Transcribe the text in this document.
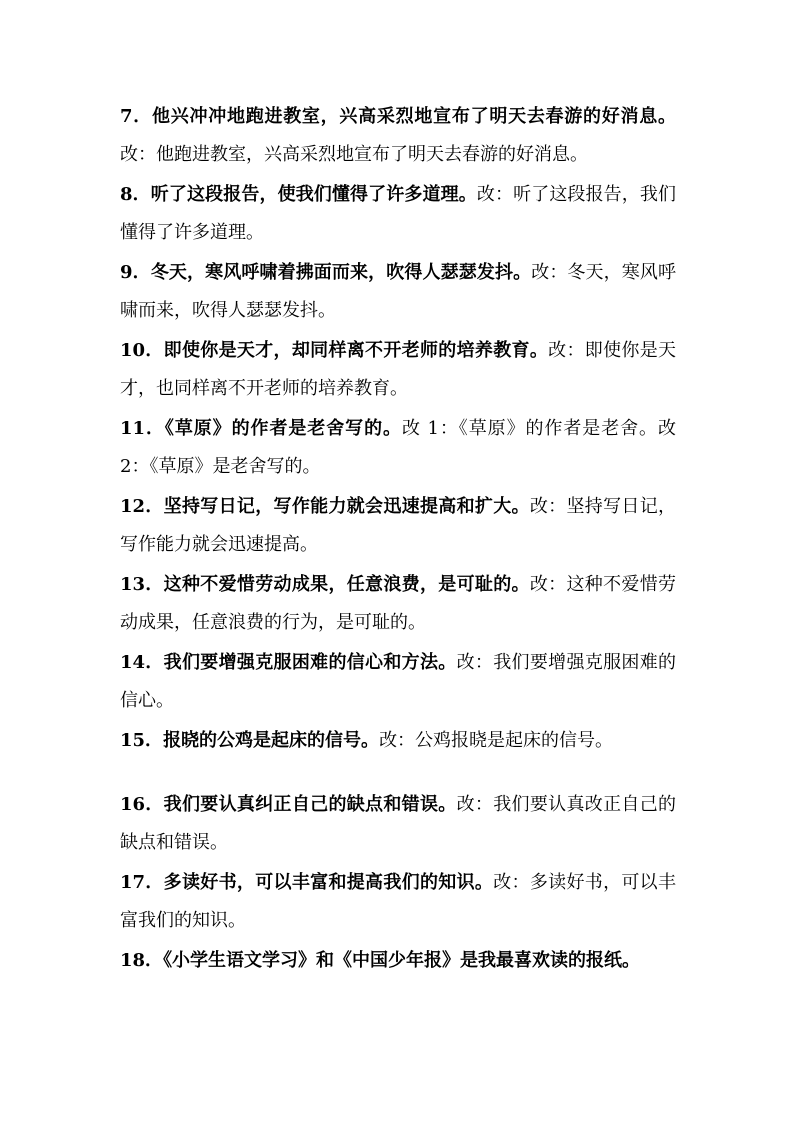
7．他兴冲冲地跑进教室，兴高采烈地宣布了明天去春游的好消息。改：他跑进教室，兴高采烈地宣布了明天去春游的好消息。

8．听了这段报告，使我们懂得了许多道理。改：听了这段报告，我们懂得了许多道理。

9．冬天，寒风呼啸着拂面而来，吹得人瑟瑟发抖。改：冬天，寒风呼啸而来，吹得人瑟瑟发抖。

10．即使你是天才，却同样离不开老师的培养教育。改：即使你是天才，也同样离不开老师的培养教育。

11．《草原》的作者是老舍写的。改 1：《草原》的作者是老舍。改 2：《草原》是老舍写的。

12．坚持写日记，写作能力就会迅速提高和扩大。改：坚持写日记，写作能力就会迅速提高。

13．这种不爱惜劳动成果，任意浪费，是可耻的。改：这种不爱惜劳动成果，任意浪费的行为，是可耻的。

14．我们要增强克服困难的信心和方法。改：我们要增强克服困难的信心。

15．报晓的公鸡是起床的信号。改：公鸡报晓是起床的信号。

16．我们要认真纠正自己的缺点和错误。改：我们要认真改正自己的缺点和错误。

17．多读好书，可以丰富和提高我们的知识。改：多读好书，可以丰富我们的知识。

18．《小学生语文学习》和《中国少年报》是我最喜欢读的报纸。
